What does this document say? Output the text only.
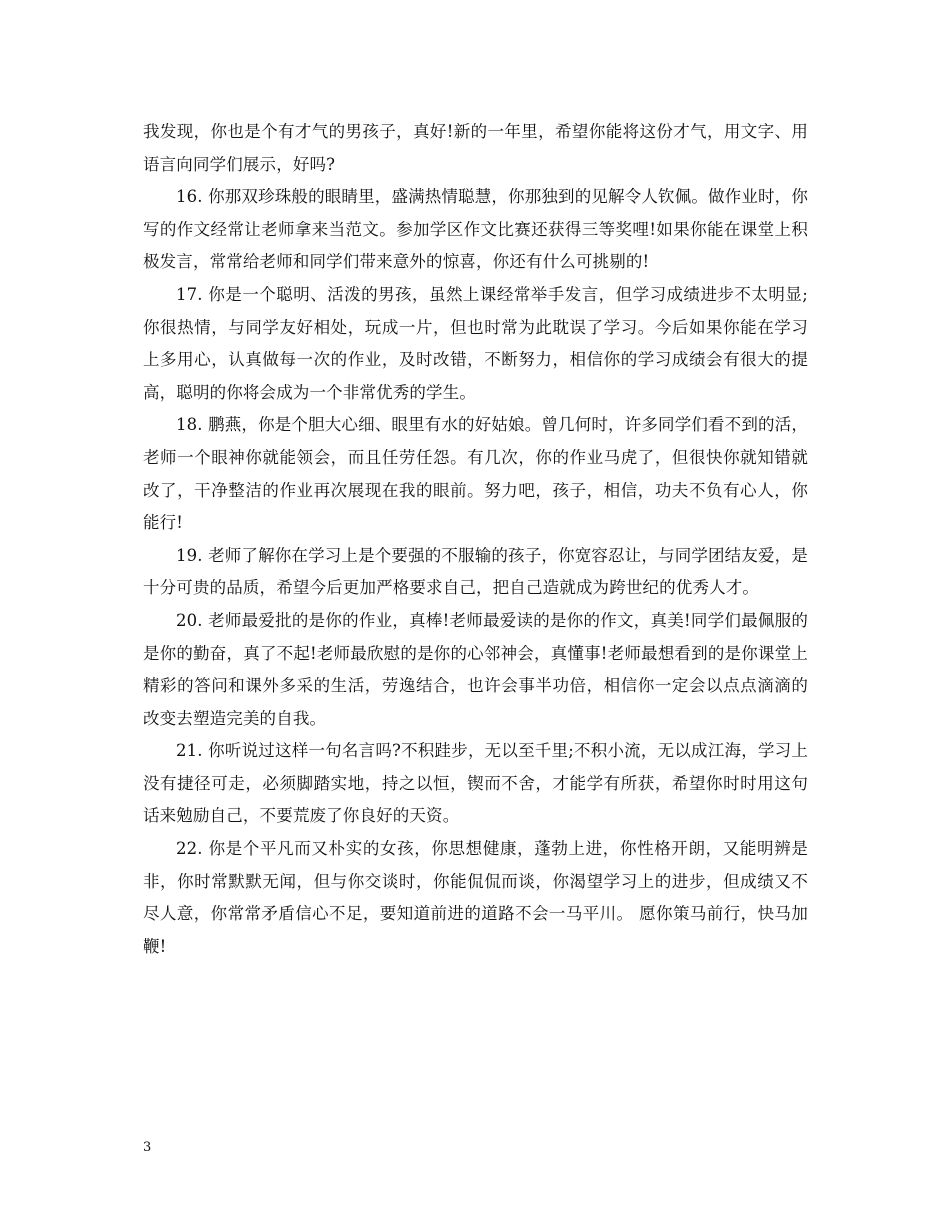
我发现，你也是个有才气的男孩子，真好!新的一年里，希望你能将这份才气，用文字、用语言向同学们展示，好吗?

16. 你那双珍珠般的眼睛里，盛满热情聪慧，你那独到的见解令人钦佩。做作业时，你写的作文经常让老师拿来当范文。参加学区作文比赛还获得三等奖哩!如果你能在课堂上积极发言，常常给老师和同学们带来意外的惊喜，你还有什么可挑剔的!

17. 你是一个聪明、活泼的男孩，虽然上课经常举手发言，但学习成绩进步不太明显;你很热情，与同学友好相处，玩成一片，但也时常为此耽误了学习。今后如果你能在学习上多用心，认真做每一次的作业，及时改错，不断努力，相信你的学习成绩会有很大的提高，聪明的你将会成为一个非常优秀的学生。

18. 鹏燕，你是个胆大心细、眼里有水的好姑娘。曾几何时，许多同学们看不到的活，老师一个眼神你就能领会，而且任劳任怨。有几次，你的作业马虎了，但很快你就知错就改了，干净整洁的作业再次展现在我的眼前。努力吧，孩子，相信，功夫不负有心人，你能行!

19. 老师了解你在学习上是个要强的不服输的孩子，你宽容忍让，与同学团结友爱，是十分可贵的品质，希望今后更加严格要求自己，把自己造就成为跨世纪的优秀人才。

20. 老师最爱批的是你的作业，真棒!老师最爱读的是你的作文，真美!同学们最佩服的是你的勤奋，真了不起!老师最欣慰的是你的心邻神会，真懂事!老师最想看到的是你课堂上精彩的答问和课外多采的生活，劳逸结合，也许会事半功倍，相信你一定会以点点滴滴的改变去塑造完美的自我。

21. 你听说过这样一句名言吗?不积跬步，无以至千里;不积小流，无以成江海，学习上没有捷径可走，必须脚踏实地，持之以恒，锲而不舍，才能学有所获，希望你时时用这句话来勉励自己，不要荒废了你良好的天资。

22. 你是个平凡而又朴实的女孩，你思想健康，蓬勃上进，你性格开朗，又能明辨是非，你时常默默无闻，但与你交谈时，你能侃侃而谈，你渴望学习上的进步，但成绩又不尽人意，你常常矛盾信心不足，要知道前进的道路不会一马平川。 愿你策马前行，快马加鞭!

3
